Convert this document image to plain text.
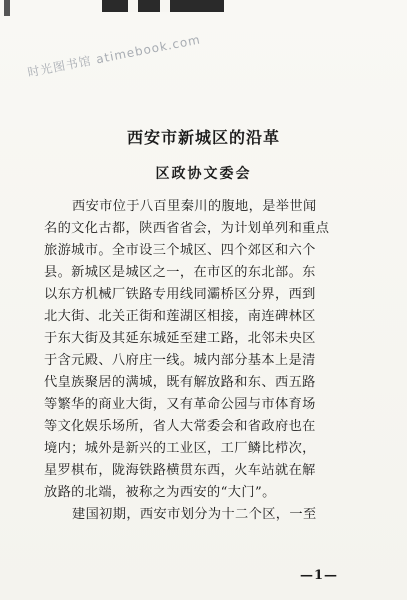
时光图书馆 atimebook.com
西安市新城区的沿革
区政协文委会
西安市位于八百里秦川的腹地，是举世闻
名的文化古都，陕西省省会，为计划单列和重点
旅游城市。全市设三个城区、四个郊区和六个
县。新城区是城区之一，在市区的东北部。东
以东方机械厂铁路专用线同灞桥区分界，西到
北大街、北关正街和莲湖区相接，南连碑林区
于东大街及其延东城延至建工路，北邻未央区
于含元殿、八府庄一线。城内部分基本上是清
代皇族聚居的满城，既有解放路和东、西五路
等繁华的商业大街，又有革命公园与市体育场
等文化娱乐场所，省人大常委会和省政府也在
境内；城外是新兴的工业区，工厂鳞比栉次，
星罗棋布，陇海铁路横贯东西，火车站就在解
放路的北端，被称之为西安的“大门”。
建国初期，西安市划分为十二个区，一至
—1—
